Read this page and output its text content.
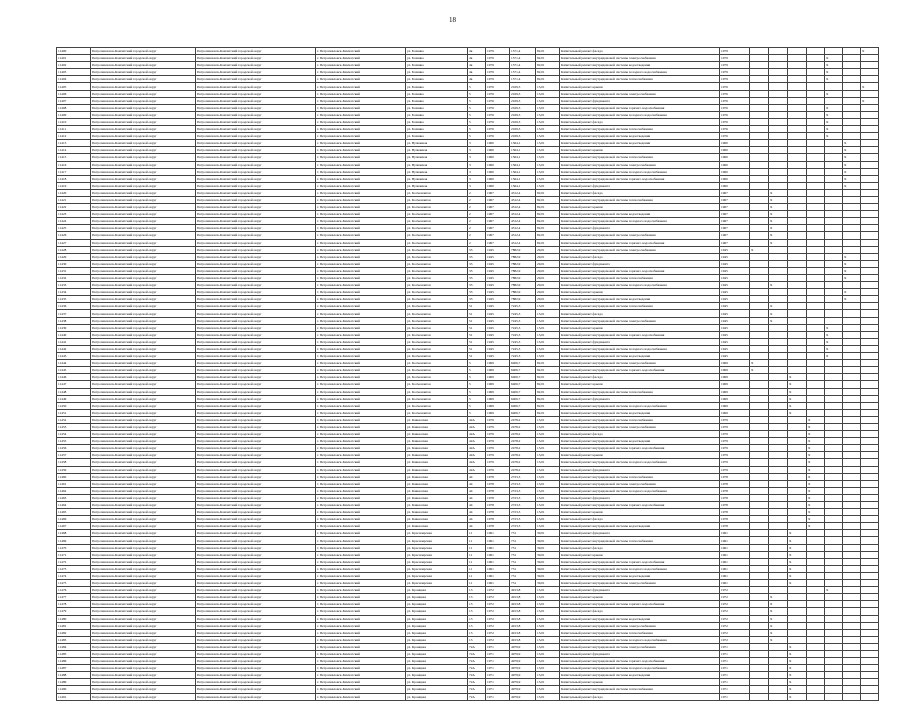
18
11400	Петропавловск-Камчатский городской округ	Петропавловск-Камчатский городской округ	г. Петропавловск-Камчатский	ул. Бохняка	4в	1979	1571,4	82,01	Капитальный ремонт фасада	1979							X
11401	Петропавловск-Камчатский городской округ	Петропавловск-Камчатский городской округ	г. Петропавловск-Камчатский	ул. Бохняка	4в	1979	1571,4	82,01	Капитальный ремонт внутридомовой системы электроснабжения	1979					X		
11402	Петропавловск-Камчатский городской округ	Петропавловск-Камчатский городской округ	г. Петропавловск-Камчатский	ул. Бохняка	4в	1979	1571,4	82,01	Капитальный ремонт внутридомовой системы водоотведения	1979					X		
11403	Петропавловск-Камчатский городской округ	Петропавловск-Камчатский городской округ	г. Петропавловск-Камчатский	ул. Бохняка	4в	1979	1571,4	82,01	Капитальный ремонт внутридомовой системы холодного водоснабжения	1979					X		
11404	Петропавловск-Камчатский городской округ	Петропавловск-Камчатский городской округ	г. Петропавловск-Камчатский	ул. Бохняка	4в	1979	1571,4	82,01	Капитальный ремонт внутридомовой системы теплоснабжения	1979					X		
11405	Петропавловск-Камчатский городской округ	Петропавловск-Камчатский городской округ	г. Петропавловск-Камчатский	ул. Бохняка	5	1976	2169,3	13,01	Капитальный ремонт крыши	1976							X
11406	Петропавловск-Камчатский городской округ	Петропавловск-Камчатский городской округ	г. Петропавловск-Камчатский	ул. Бохняка	5	1976	2169,3	13,01	Капитальный ремонт внутридомовой системы электроснабжения	1976					X		
11407	Петропавловск-Камчатский городской округ	Петропавловск-Камчатский городской округ	г. Петропавловск-Камчатский	ул. Бохняка	5	1976	2169,3	13,01	Капитальный ремонт фундамента	1976							X
11408	Петропавловск-Камчатский городской округ	Петропавловск-Камчатский городской округ	г. Петропавловск-Камчатский	ул. Бохняка	5	1976	2169,3	13,01	Капитальный ремонт внутридомовой системы горячего водоснабжения	1976					X		
11409	Петропавловск-Камчатский городской округ	Петропавловск-Камчатский городской округ	г. Петропавловск-Камчатский	ул. Бохняка	5	1976	2169,3	13,01	Капитальный ремонт внутридомовой системы холодного водоснабжения	1976					X		
11410	Петропавловск-Камчатский городской округ	Петропавловск-Камчатский городской округ	г. Петропавловск-Камчатский	ул. Бохняка	5	1976	2169,3	13,01	Капитальный ремонт фасада	1976					X		
11411	Петропавловск-Камчатский городской округ	Петропавловск-Камчатский городской округ	г. Петропавловск-Камчатский	ул. Бохняка	5	1976	2169,3	13,01	Капитальный ремонт внутридомовой системы теплоснабжения	1976					X		
11412	Петропавловск-Камчатский городской округ	Петропавловск-Камчатский городской округ	г. Петропавловск-Камчатский	ул. Бохняка	5	1976	2169,3	13,01	Капитальный ремонт внутридомовой системы водоотведения	1976					X		
11413	Петропавловск-Камчатский городской округ	Петропавловск-Камчатский городской округ	г. Петропавловск-Камчатский	ул. Вулканная	3	1960	1564,1	13,01	Капитальный ремонт внутридомовой системы водоотведения	1960						X	
11414	Петропавловск-Камчатский городской округ	Петропавловск-Камчатский городской округ	г. Петропавловск-Камчатский	ул. Вулканная	3	1960	1564,1	13,01	Капитальный ремонт крыши	1960						X	
11415	Петропавловск-Камчатский городской округ	Петропавловск-Камчатский городской округ	г. Петропавловск-Камчатский	ул. Вулканная	3	1960	1564,1	13,01	Капитальный ремонт внутридомовой системы теплоснабжения	1960						X	
11416	Петропавловск-Камчатский городской округ	Петропавловск-Камчатский городской округ	г. Петропавловск-Камчатский	ул. Вулканная	3	1960	1564,1	13,01	Капитальный ремонт внутридомовой системы электроснабжения	1960						X	
11417	Петропавловск-Камчатский городской округ	Петропавловск-Камчатский городской округ	г. Петропавловск-Камчатский	ул. Вулканная	3	1960	1564,1	13,01	Капитальный ремонт внутридомовой системы холодного водоснабжения	1960						X	
11418	Петропавловск-Камчатский городской округ	Петропавловск-Камчатский городской округ	г. Петропавловск-Камчатский	ул. Вулканная	3	1960	1564,1	13,01	Капитальный ремонт внутридомовой системы горячего водоснабжения	1960						X	
11419	Петропавловск-Камчатский городской округ	Петропавловск-Камчатский городской округ	г. Петропавловск-Камчатский	ул. Вулканная	3	1960	1564,1	13,01	Капитальный ремонт фундамента	1960						X	
11420	Петропавловск-Камчатский городской округ	Петропавловск-Камчатский городской округ	г. Петропавловск-Камчатский	ул. Космонавтов	2	1967	4312,4	82,01	Капитальный ремонт фасада	1967		X					
11421	Петропавловск-Камчатский городской округ	Петропавловск-Камчатский городской округ	г. Петропавловск-Камчатский	ул. Космонавтов	2	1967	4312,4	82,01	Капитальный ремонт внутридомовой системы теплоснабжения	1967		X					
11422	Петропавловск-Камчатский городской округ	Петропавловск-Камчатский городской округ	г. Петропавловск-Камчатский	ул. Космонавтов	2	1967	4312,4	82,01	Капитальный ремонт крыши	1967		X					
11423	Петропавловск-Камчатский городской округ	Петропавловск-Камчатский городской округ	г. Петропавловск-Камчатский	ул. Космонавтов	2	1967	4312,4	82,01	Капитальный ремонт внутридомовой системы водоотведения	1967		X					
11424	Петропавловск-Камчатский городской округ	Петропавловск-Камчатский городской округ	г. Петропавловск-Камчатский	ул. Космонавтов	2	1967	4312,4	82,01	Капитальный ремонт внутридомовой системы холодного водоснабжения	1967		X					
11425	Петропавловск-Камчатский городской округ	Петропавловск-Камчатский городской округ	г. Петропавловск-Камчатский	ул. Космонавтов	2	1967	4312,4	82,01	Капитальный ремонт фундамента	1967		X					
11426	Петропавловск-Камчатский городской округ	Петропавловск-Камчатский городской округ	г. Петропавловск-Камчатский	ул. Космонавтов	2	1967	4312,4	82,01	Капитальный ремонт внутридомовой системы электроснабжения	1967		X					
11427	Петропавловск-Камчатский городской округ	Петропавловск-Камчатский городской округ	г. Петропавловск-Камчатский	ул. Космонавтов	2	1967	4312,4	82,01	Капитальный ремонт внутридомовой системы горячего водоснабжения	1967		X					
11428	Петропавловск-Камчатский городской округ	Петропавловск-Камчатский городской округ	г. Петропавловск-Камчатский	ул. Космонавтов	33	1945	7882,9	29,01	Капитальный ремонт внутридомовой системы электроснабжения	1945	X						
11429	Петропавловск-Камчатский городской округ	Петропавловск-Камчатский городской округ	г. Петропавловск-Камчатский	ул. Космонавтов	33	1945	7882,9	29,01	Капитальный ремонт фасада	1945						X	
11430	Петропавловск-Камчатский городской округ	Петропавловск-Камчатский городской округ	г. Петропавловск-Камчатский	ул. Космонавтов	33	1945	7882,9	29,01	Капитальный ремонт фундамента	1945						X	
11431	Петропавловск-Камчатский городской округ	Петропавловск-Камчатский городской округ	г. Петропавловск-Камчатский	ул. Космонавтов	33	1945	7882,9	29,01	Капитальный ремонт внутридомовой системы горячего водоснабжения	1945						X	
11432	Петропавловск-Камчатский городской округ	Петропавловск-Камчатский городской округ	г. Петропавловск-Камчатский	ул. Космонавтов	33	1945	7882,9	29,01	Капитальный ремонт внутридомовой системы теплоснабжения	1945						X	
11433	Петропавловск-Камчатский городской округ	Петропавловск-Камчатский городской округ	г. Петропавловск-Камчатский	ул. Космонавтов	33	1945	7882,9	29,01	Капитальный ремонт внутридомовой системы холодного водоснабжения	1945		X					
11434	Петропавловск-Камчатский городской округ	Петропавловск-Камчатский городской округ	г. Петропавловск-Камчатский	ул. Космонавтов	33	1945	7882,9	29,01	Капитальный ремонт крыши	1945						X	
11435	Петропавловск-Камчатский городской округ	Петропавловск-Камчатский городской округ	г. Петропавловск-Камчатский	ул. Космонавтов	33	1945	7882,9	29,01	Капитальный ремонт внутридомовой системы водоотведения	1945						X	
11436	Петропавловск-Камчатский городской округ	Петропавловск-Камчатский городской округ	г. Петропавловск-Камчатский	ул. Космонавтов	51	1945	7245,3	13,01	Капитальный ремонт внутридомовой системы теплоснабжения	1945		X					
11437	Петропавловск-Камчатский городской округ	Петропавловск-Камчатский городской округ	г. Петропавловск-Камчатский	ул. Космонавтов	51	1945	7245,3	13,01	Капитальный ремонт фасада	1945		X					
11438	Петропавловск-Камчатский городской округ	Петропавловск-Камчатский городской округ	г. Петропавловск-Камчатский	ул. Космонавтов	51	1945	7245,3	13,01	Капитальный ремонт внутридомовой системы электроснабжения	1945		X					
11439	Петропавловск-Камчатский городской округ	Петропавловск-Камчатский городской округ	г. Петропавловск-Камчатский	ул. Космонавтов	51	1945	7245,3	13,01	Капитальный ремонт крыши	1945					X		
11440	Петропавловск-Камчатский городской округ	Петропавловск-Камчатский городской округ	г. Петропавловск-Камчатский	ул. Космонавтов	51	1945	7245,3	13,01	Капитальный ремонт внутридомовой системы горячего водоснабжения	1945					X		
11441	Петропавловск-Камчатский городской округ	Петропавловск-Камчатский городской округ	г. Петропавловск-Камчатский	ул. Космонавтов	51	1945	7245,3	13,01	Капитальный ремонт фундамента	1945					X		
11442	Петропавловск-Камчатский городской округ	Петропавловск-Камчатский городской округ	г. Петропавловск-Камчатский	ул. Космонавтов	51	1945	7245,3	13,01	Капитальный ремонт внутридомовой системы холодного водоснабжения	1945					X		
11443	Петропавловск-Камчатский городской округ	Петропавловск-Камчатский городской округ	г. Петропавловск-Камчатский	ул. Космонавтов	51	1945	7245,3	13,01	Капитальный ремонт внутридомовой системы водоотведения	1945					X		
11444	Петропавловск-Камчатский городской округ	Петропавловск-Камчатский городской округ	г. Петропавловск-Камчатский	ул. Космонавтов	5	1969	6406,7	82,01	Капитальный ремонт внутридомовой системы электроснабжения	1969	X						
11445	Петропавловск-Камчатский городской округ	Петропавловск-Камчатский городской округ	г. Петропавловск-Камчатский	ул. Космонавтов	5	1969	6406,7	82,01	Капитальный ремонт внутридомовой системы горячего водоснабжения	1969	X						
11446	Петропавловск-Камчатский городской округ	Петропавловск-Камчатский городской округ	г. Петропавловск-Камчатский	ул. Космонавтов	5	1969	6406,7	82,01	Капитальный ремонт фасада	1969			X				
11447	Петропавловск-Камчатский городской округ	Петропавловск-Камчатский городской округ	г. Петропавловск-Камчатский	ул. Космонавтов	5	1969	6406,7	82,01	Капитальный ремонт крыши	1969			X				
11448	Петропавловск-Камчатский городской округ	Петропавловск-Камчатский городской округ	г. Петропавловск-Камчатский	ул. Космонавтов	5	1969	6406,7	82,01	Капитальный ремонт внутридомовой системы теплоснабжения	1969			X				
11449	Петропавловск-Камчатский городской округ	Петропавловск-Камчатский городской округ	г. Петропавловск-Камчатский	ул. Космонавтов	5	1969	6406,7	82,01	Капитальный ремонт фундамента	1969			X				
11450	Петропавловск-Камчатский городской округ	Петропавловск-Камчатский городской округ	г. Петропавловск-Камчатский	ул. Космонавтов	5	1969	6406,7	82,01	Капитальный ремонт внутридомовой системы холодного водоснабжения	1969			X				
11451	Петропавловск-Камчатский городской округ	Петропавловск-Камчатский городской округ	г. Петропавловск-Камчатский	ул. Космонавтов	5	1969	6406,7	82,01	Капитальный ремонт внутридомовой системы водоотведения	1969			X				
11452	Петропавловск-Камчатский городской округ	Петропавловск-Камчатский городской округ	г. Петропавловск-Камчатский	ул. Кавказская	42А	1979	2478,2	13,01	Капитальный ремонт внутридомовой системы теплоснабжения	1979				X			
11453	Петропавловск-Камчатский городской округ	Петропавловск-Камчатский городской округ	г. Петропавловск-Камчатский	ул. Кавказская	42А	1979	2478,2	13,01	Капитальный ремонт внутридомовой системы электроснабжения	1979				X			
11454	Петропавловск-Камчатский городской округ	Петропавловск-Камчатский городской округ	г. Петропавловск-Камчатский	ул. Кавказская	42А	1979	2478,2	13,01	Капитальный ремонт фасада	1979				X			
11455	Петропавловск-Камчатский городской округ	Петропавловск-Камчатский городской округ	г. Петропавловск-Камчатский	ул. Кавказская	42А	1979	2478,2	13,01	Капитальный ремонт внутридомовой системы водоотведения	1979				X			
11456	Петропавловск-Камчатский городской округ	Петропавловск-Камчатский городской округ	г. Петропавловск-Камчатский	ул. Кавказская	42А	1979	2478,2	13,01	Капитальный ремонт внутридомовой системы горячего водоснабжения	1979				X			
11457	Петропавловск-Камчатский городской округ	Петропавловск-Камчатский городской округ	г. Петропавловск-Камчатский	ул. Кавказская	42А	1979	2478,2	13,01	Капитальный ремонт крыши	1979				X			
11458	Петропавловск-Камчатский городской округ	Петропавловск-Камчатский городской округ	г. Петропавловск-Камчатский	ул. Кавказская	42А	1979	2478,2	13,01	Капитальный ремонт внутридомовой системы холодного водоснабжения	1979				X			
11459	Петропавловск-Камчатский городской округ	Петропавловск-Камчатский городской округ	г. Петропавловск-Камчатский	ул. Кавказская	42А	1979	2478,2	13,01	Капитальный ремонт фундамента	1979				X			
11460	Петропавловск-Камчатский городской округ	Петропавловск-Камчатский городской округ	г. Петропавловск-Камчатский	ул. Кавказская	44	1978	2723,3	13,01	Капитальный ремонт внутридомовой системы теплоснабжения	1978				X			
11461	Петропавловск-Камчатский городской округ	Петропавловск-Камчатский городской округ	г. Петропавловск-Камчатский	ул. Кавказская	44	1978	2723,3	13,01	Капитальный ремонт внутридомовой системы электроснабжения	1978				X			
11462	Петропавловск-Камчатский городской округ	Петропавловск-Камчатский городской округ	г. Петропавловск-Камчатский	ул. Кавказская	44	1978	2723,3	13,01	Капитальный ремонт внутридомовой системы холодного водоснабжения	1978				X			
11463	Петропавловск-Камчатский городской округ	Петропавловск-Камчатский городской округ	г. Петропавловск-Камчатский	ул. Кавказская	44	1978	2723,3	13,01	Капитальный ремонт фундамента	1978				X			
11464	Петропавловск-Камчатский городской округ	Петропавловск-Камчатский городской округ	г. Петропавловск-Камчатский	ул. Кавказская	44	1978	2723,3	13,01	Капитальный ремонт внутридомовой системы горячего водоснабжения	1978				X			
11465	Петропавловск-Камчатский городской округ	Петропавловск-Камчатский городской округ	г. Петропавловск-Камчатский	ул. Кавказская	44	1978	2723,3	13,01	Капитальный ремонт крыши	1978				X			
11466	Петропавловск-Камчатский городской округ	Петропавловск-Камчатский городской округ	г. Петропавловск-Камчатский	ул. Кавказская	44	1978	2723,3	13,01	Капитальный ремонт фасада	1978				X			
11467	Петропавловск-Камчатский городской округ	Петропавловск-Камчатский городской округ	г. Петропавловск-Камчатский	ул. Кавказская	44	1978	2723,3	13,01	Капитальный ремонт внутридомовой системы водоотведения	1978				X			
11468	Петропавловск-Камчатский городской округ	Петропавловск-Камчатский городской округ	г. Петропавловск-Камчатский	ул. Красноярская	11	1961	731	39,01	Капитальный ремонт фундамента	1961			X				
11469	Петропавловск-Камчатский городской округ	Петропавловск-Камчатский городской округ	г. Петропавловск-Камчатский	ул. Красноярская	11	1961	731	39,01	Капитальный ремонт внутридомовой системы теплоснабжения	1961			X				
11470	Петропавловск-Камчатский городской округ	Петропавловск-Камчатский городской округ	г. Петропавловск-Камчатский	ул. Красноярская	11	1961	731	39,01	Капитальный ремонт фасада	1961			X				
11471	Петропавловск-Камчатский городской округ	Петропавловск-Камчатский городской округ	г. Петропавловск-Камчатский	ул. Красноярская	11	1961	731	39,01	Капитальный ремонт крыши	1961			X				
11472	Петропавловск-Камчатский городской округ	Петропавловск-Камчатский городской округ	г. Петропавловск-Камчатский	ул. Красноярская	11	1961	731	39,01	Капитальный ремонт внутридомовой системы горячего водоснабжения	1961			X				
11473	Петропавловск-Камчатский городской округ	Петропавловск-Камчатский городской округ	г. Петропавловск-Камчатский	ул. Красноярская	11	1961	731	39,01	Капитальный ремонт внутридомовой системы холодного водоснабжения	1961			X				
11474	Петропавловск-Камчатский городской округ	Петропавловск-Камчатский городской округ	г. Петропавловск-Камчатский	ул. Красноярская	11	1961	731	39,01	Капитальный ремонт внутридомовой системы водоотведения	1961			X				
11475	Петропавловск-Камчатский городской округ	Петропавловск-Камчатский городской округ	г. Петропавловск-Камчатский	ул. Красноярская	11	1961	731	39,01	Капитальный ремонт внутридомовой системы электроснабжения	1961			X				
11476	Петропавловск-Камчатский городской округ	Петропавловск-Камчатский городской округ	г. Петропавловск-Камчатский	ул. Кронцкая	13	1972	4913,8	13,01	Капитальный ремонт фундамента	1972					X		
11477	Петропавловск-Камчатский городской округ	Петропавловск-Камчатский городской округ	г. Петропавловск-Камчатский	ул. Кронцкая	13	1972	4913,8	13,01	Капитальный ремонт крыши	1972		X					
11478	Петропавловск-Камчатский городской округ	Петропавловск-Камчатский городской округ	г. Петропавловск-Камчатский	ул. Кронцкая	13	1972	4913,8	13,01	Капитальный ремонт внутридомовой системы горячего водоснабжения	1972		X					
11479	Петропавловск-Камчатский городской округ	Петропавловск-Камчатский городской округ	г. Петропавловск-Камчатский	ул. Кронцкая	13	1972	4913,8	13,01	Капитальный ремонт фасада	1972		X					
11480	Петропавловск-Камчатский городской округ	Петропавловск-Камчатский городской округ	г. Петропавловск-Камчатский	ул. Кронцкая	13	1972	4913,8	13,01	Капитальный ремонт внутридомовой системы водоотведения	1972		X					
11481	Петропавловск-Камчатский городской округ	Петропавловск-Камчатский городской округ	г. Петропавловск-Камчатский	ул. Кронцкая	13	1972	4913,8	13,01	Капитальный ремонт внутридомовой системы электроснабжения	1972		X					
11482	Петропавловск-Камчатский городской округ	Петропавловск-Камчатский городской округ	г. Петропавловск-Камчатский	ул. Кронцкая	13	1972	4913,8	13,01	Капитальный ремонт внутридомовой системы теплоснабжения	1972		X					
11483	Петропавловск-Камчатский городской округ	Петропавловск-Камчатский городской округ	г. Петропавловск-Камчатский	ул. Кронцкая	13	1972	4913,8	13,01	Капитальный ремонт внутридомовой системы холодного водоснабжения	1972		X					
11484	Петропавловск-Камчатский городской округ	Петропавловск-Камчатский городской округ	г. Петропавловск-Камчатский	ул. Кронцкая	72А	1971	4979,9	13,01	Капитальный ремонт внутридомовой системы электроснабжения	1971			X				
11485	Петропавловск-Камчатский городской округ	Петропавловск-Камчатский городской округ	г. Петропавловск-Камчатский	ул. Кронцкая	72А	1971	4979,9	13,01	Капитальный ремонт фундамента	1971			X				
11486	Петропавловск-Камчатский городской округ	Петропавловск-Камчатский городской округ	г. Петропавловск-Камчатский	ул. Кронцкая	72А	1971	4979,9	13,01	Капитальный ремонт внутридомовой системы горячего водоснабжения	1971			X				
11487	Петропавловск-Камчатский городской округ	Петропавловск-Камчатский городской округ	г. Петропавловск-Камчатский	ул. Кронцкая	72А	1971	4979,9	13,01	Капитальный ремонт внутридомовой системы холодного водоснабжения	1971			X				
11488	Петропавловск-Камчатский городской округ	Петропавловск-Камчатский городской округ	г. Петропавловск-Камчатский	ул. Кронцкая	72А	1971	4979,9	13,01	Капитальный ремонт внутридомовой системы водоотведения	1971			X				
11489	Петропавловск-Камчатский городской округ	Петропавловск-Камчатский городской округ	г. Петропавловск-Камчатский	ул. Кронцкая	72А	1971	4979,9	13,01	Капитальный ремонт крыши	1971			X				
11490	Петропавловск-Камчатский городской округ	Петропавловск-Камчатский городской округ	г. Петропавловск-Камчатский	ул. Кронцкая	72А	1971	4979,9	13,01	Капитальный ремонт внутридомовой системы теплоснабжения	1971			X				
11491	Петропавловск-Камчатский городской округ	Петропавловск-Камчатский городской округ	г. Петропавловск-Камчатский	ул. Кронцкая	72А	1971	4979,9	13,01	Капитальный ремонт фасада	1971			X				
